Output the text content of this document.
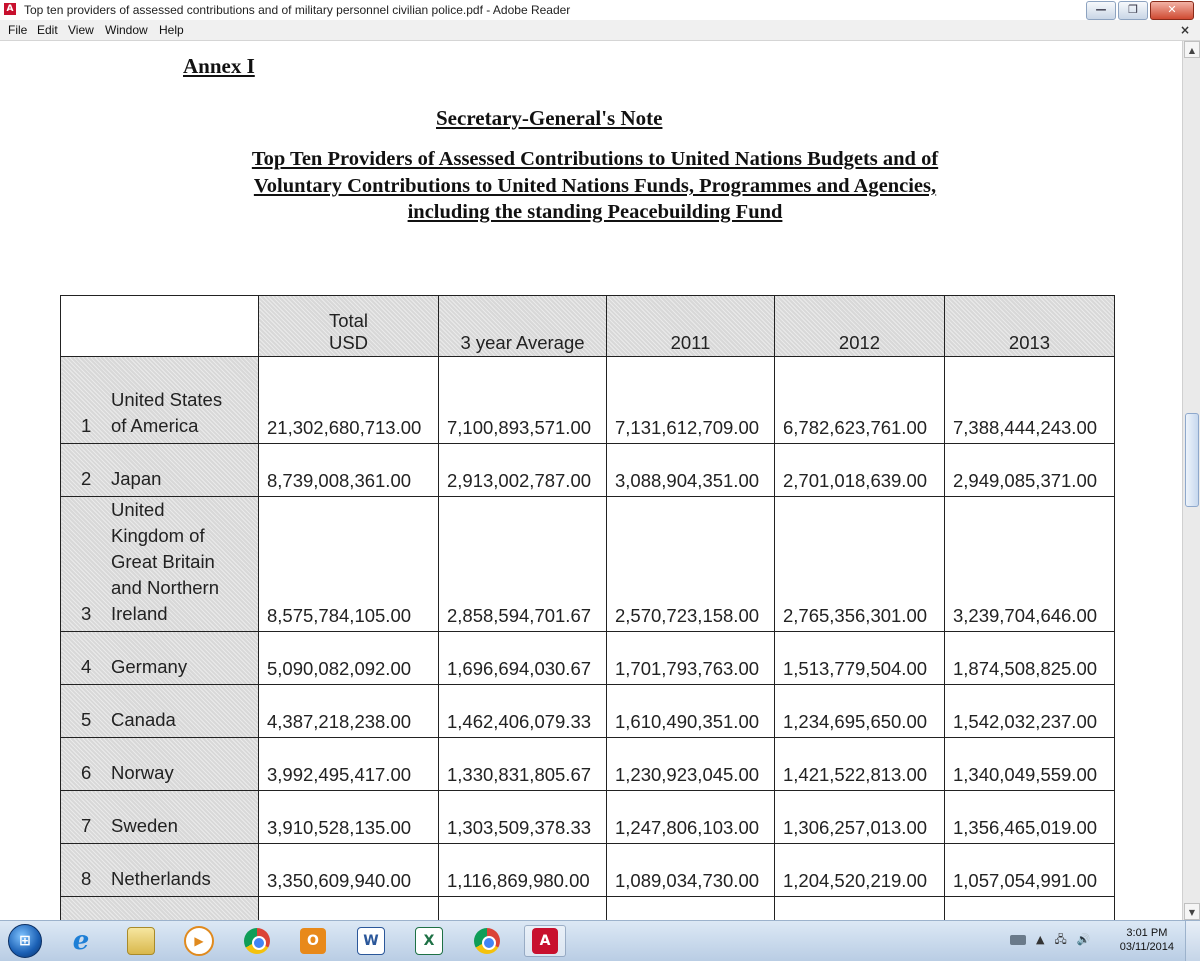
A Top ten providers of assessed contributions and of military personnel civilian police.pdf - Adobe Reader	—	❐	✕
File Edit View Window Help	×
Annex I
Secretary-General's Note
Top Ten Providers of Assessed Contributions to United Nations Budgets and of
Voluntary Contributions to United Nations Funds, Programmes and Agencies,
including the standing Peacebuilding Fund
	Total
USD	3 year Average	2011	2012	2013
1United States
of America	21,302,680,713.00	7,100,893,571.00	7,131,612,709.00	6,782,623,761.00	7,388,444,243.00
2 Japan	8,739,008,361.00	2,913,002,787.00	3,088,904,351.00	2,701,018,639.00	2,949,085,371.00
3United
Kingdom of
Great Britain
and Northern
Ireland	8,575,784,105.00	2,858,594,701.67	2,570,723,158.00	2,765,356,301.00	3,239,704,646.00
4 Germany	5,090,082,092.00	1,696,694,030.67	1,701,793,763.00	1,513,779,504.00	1,874,508,825.00
5 Canada	4,387,218,238.00	1,462,406,079.33	1,610,490,351.00	1,234,695,650.00	1,542,032,237.00
6 Norway	3,992,495,417.00	1,330,831,805.67	1,230,923,045.00	1,421,522,813.00	1,340,049,559.00
7 Sweden	3,910,528,135.00	1,303,509,378.33	1,247,806,103.00	1,306,257,013.00	1,356,465,019.00
8 Netherlands	3,350,609,940.00	1,116,869,980.00	1,089,034,730.00	1,204,520,219.00	1,057,054,991.00

▲
▼
⊞	e	▶	O	W	X	A	▲ 🖧 🔊	3:01 PM
03/11/2014
